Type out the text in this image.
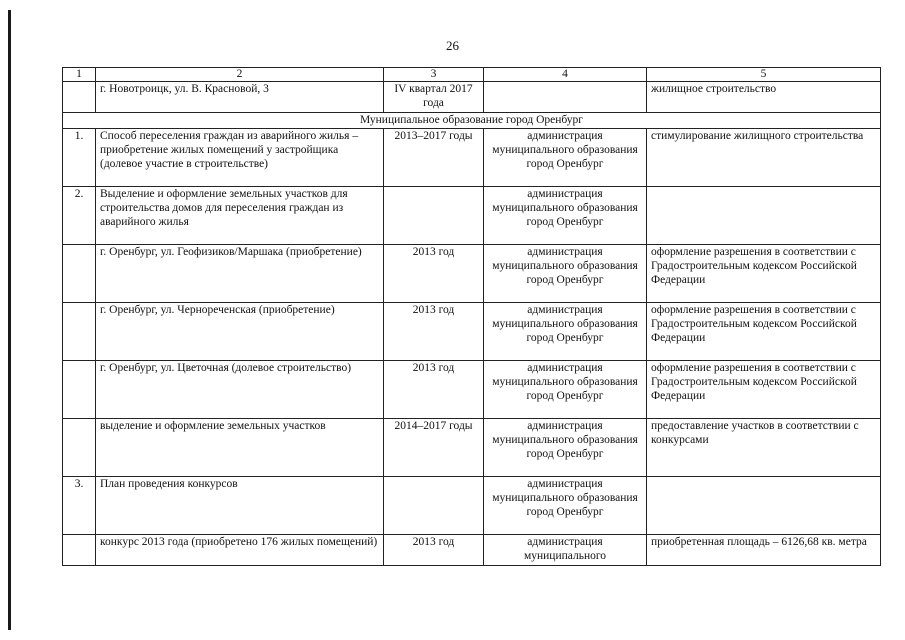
26
1	2	3	4	5
	г. Новотроицк, ул. В. Красновой, 3	IV квартал 2017 года		жилищное строительство
Муниципальное образование город Оренбург				
1.	Способ переселения граждан из аварийного жилья – приобретение жилых помещений у застройщика (долевое участие в строительстве)	2013–2017 годы	администрация муниципального образования город Оренбург	стимулирование жилищного строительства
2.	Выделение и оформление земельных участков для строительства домов для переселения граждан из аварийного жилья		администрация муниципального образования город Оренбург	
	г. Оренбург, ул. Геофизиков/Маршака (приобретение)	2013 год	администрация муниципального образования город Оренбург	оформление разрешения в соответствии с Градостроительным кодексом Российской Федерации
	г. Оренбург, ул. Чернореченская (приобретение)	2013 год	администрация муниципального образования город Оренбург	оформление разрешения в соответствии с Градостроительным кодексом Российской Федерации
	г. Оренбург, ул. Цветочная (долевое строительство)	2013 год	администрация муниципального образования город Оренбург	оформление разрешения в соответствии с Градостроительным кодексом Российской Федерации
	выделение и оформление земельных участков	2014–2017 годы	администрация муниципального образования город Оренбург	предоставление участков в соответствии с конкурсами
3.	План проведения конкурсов		администрация муниципального образования город Оренбург	
	конкурс 2013 года (приобретено 176 жилых помещений)	2013 год	администрация муниципального	приобретенная площадь – 6126,68 кв. метра
